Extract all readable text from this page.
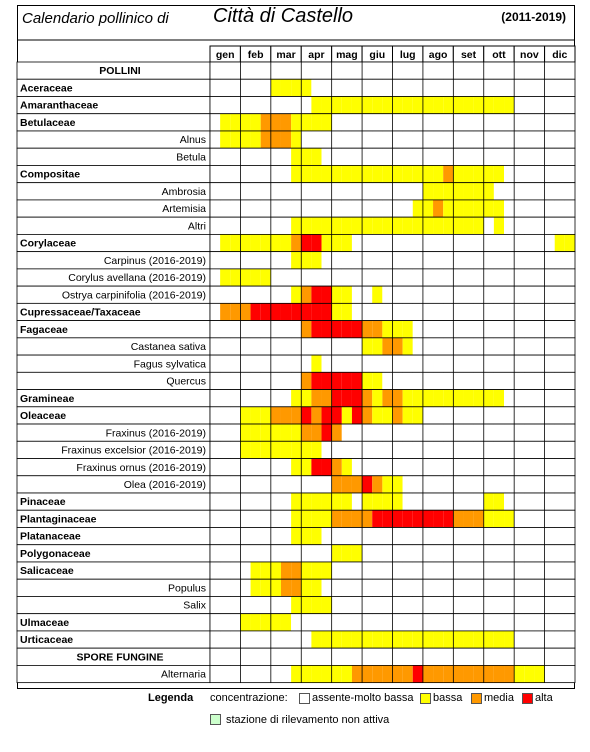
Calendario pollinico di Città di Castello	(2011-2019)
gen feb mar apr mag giu lug ago set ott nov dic
POLLINI
Aceraceae
Amaranthaceae
Betulaceae
Alnus
Betula
Compositae
Ambrosia
Artemisia
Altri
Corylaceae
Carpinus (2016-2019)
Corylus avellana (2016-2019)
Ostrya carpinifolia (2016-2019)
Cupressaceae/Taxaceae
Fagaceae
Castanea sativa
Fagus sylvatica
Quercus
Gramineae
Oleaceae
Fraxinus (2016-2019)
Fraxinus excelsior (2016-2019)
Fraxinus ornus (2016-2019)
Olea (2016-2019)
Pinaceae
Plantaginaceae
Platanaceae
Polygonaceae
Salicaceae
Populus
Salix
Ulmaceae
Urticaceae
SPORE FUNGINE
Alternaria
Legenda concentrazione: assente-molto bassa bassa media alta
stazione di rilevamento non attiva
